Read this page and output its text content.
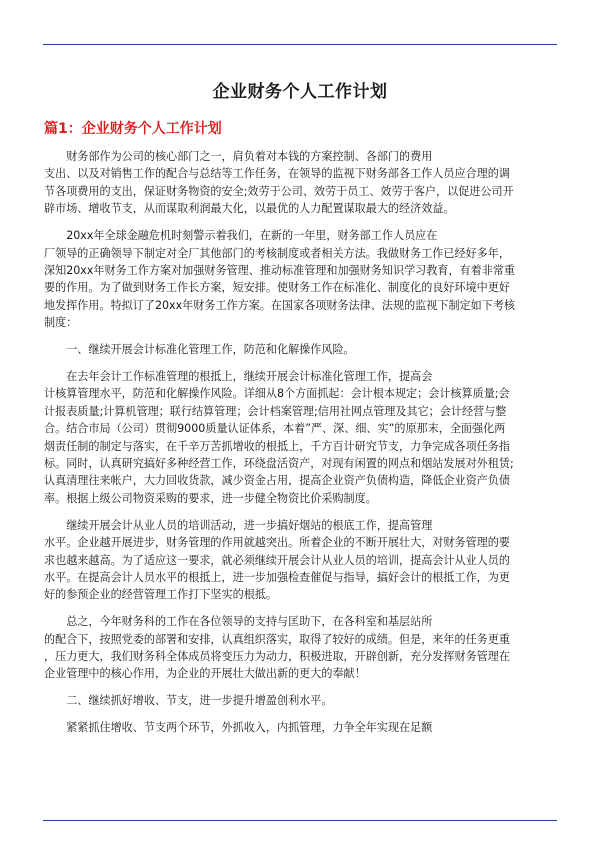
企业财务个人工作计划
篇1：企业财务个人工作计划
　　财务部作为公司的核心部门之一，肩负着对本钱的方案控制、各部门的费用
支出、以及对销售工作的配合与总结等工作任务，在领导的监视下财务部各工作人员应合理的调
节各项费用的支出，保证财务物资的安全;效劳于公司、效劳于员工、效劳于客户，以促进公司开
辟市场、增收节支，从而谋取利润最大化，以最优的人力配置谋取最大的经济效益。
　　20xx年全球金融危机时刻警示着我们，在新的一年里，财务部工作人员应在
厂领导的正确领导下制定对全厂其他部门的考核制度或者相关方法。我做财务工作已经好多年，
深知20xx年财务工作方案对加强财务管理、推动标准管理和加强财务知识学习教育，有着非常重
要的作用。为了做到财务工作长方案，短安排。使财务工作在标准化、制度化的良好环境中更好
地发挥作用。特拟订了20xx年财务工作方案。在国家各项财务法律、法规的监视下制定如下考核
制度：
　　一、继续开展会计标准化管理工作，防范和化解操作风险。
　　在去年会计工作标准管理的根抵上，继续开展会计标准化管理工作，提高会
计核算管理水平，防范和化解操作风险。详细从8个方面抓起：会计根本规定；会计核算质量;会
计报表质量;计算机管理；联行结算管理；会计档案管理;信用社网点管理及其它；会计经营与整
合。结合市局（公司）贯彻9000质量认证体系，本着”严、深、细、实”的原那末，全面强化两
烟责任制的制定与落实，在千辛万苦抓增收的根抵上，千方百计研究节支，力争完成各项任务指
标。同时，认真研究搞好多种经营工作，环绕盘活资产，对现有闲置的网点和烟站发展对外租赁;
认真清理往来帐户，大力回收货款，减少资金占用，提高企业资产负债构造，降低企业资产负债
率。根据上级公司物资采购的要求，进一步健全物资比价采购制度。
　　继续开展会计从业人员的培训活动，进一步搞好烟站的根底工作，提高管理
水平。企业越开展进步，财务管理的作用就越突出。所着企业的不断开展壮大，对财务管理的要
求也越来越高。为了适应这一要求，就必须继续开展会计从业人员的培训，提高会计从业人员的
水平。在提高会计人员水平的根抵上，进一步加强检查催促与指导，搞好会计的根抵工作，为更
好的参预企业的经营管理工作打下坚实的根抵。
　　总之，今年财务科的工作在各位领导的支持与匡助下，在各科室和基层站所
的配合下，按照党委的部署和安排，认真组织落实，取得了较好的成绩。但是，来年的任务更重
，压力更大，我们财务科全体成员将变压力为动力，积极进取，开辟创新，充分发挥财务管理在
企业管理中的核心作用，为企业的开展壮大做出新的更大的奉献！
　　二、继续抓好增收、节支，进一步提升增盈创利水平。
　　紧紧抓住增收、节支两个环节，外抓收入，内抓管理，力争全年实现在足额
